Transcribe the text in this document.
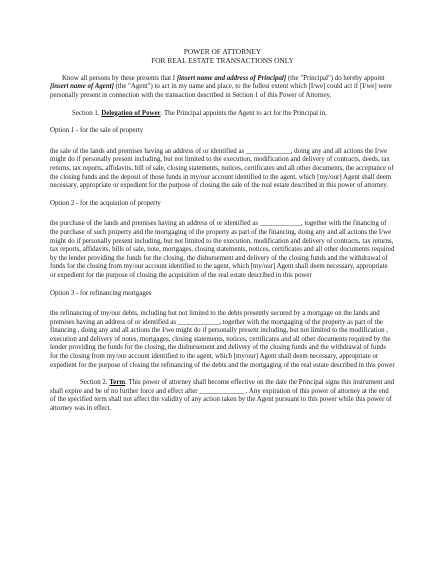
POWER OF ATTORNEY

FOR REAL ESTATE TRANSACTIONS ONLY

Know all persons by these presents that I [insert name and address of Principal] (the "Principal") do hereby appoint [insert name of Agent] (the "Agent") to act in my name and place, to the fullest extent which [I/we] could act if [I/we] were personally present in connection with the transaction described in Section 1 of this Power of Attorney.

Section 1. Delegation of Power. The Principal appoints the Agent to act for the Principal in,

Option 1 - for the sale of property

the sale of the lands and premises having an address of or identified as _____________, doing any and all actions the I/we might do if personally present including, but not limited to the execution, modification and delivery of contracts, deeds, tax returns, tax reports, affidavits, bill of sale, closing statements, notices, certificates and all other documents, the acceptance of the closing funds and the deposit of those funds in my/our account identified to the agent, which [my/our] Agent shall deem necessary, appropriate or expedient for the purpose of closing the sale of the real estate described in this power of attorney.

Option 2 - for the acquistion of property

the purchase of the lands and premises having an address of or identified as ____________, together with the financing of the purchase of such property and the mortgaging of the property as part of the financing, doing any and all actions the I/we might do if personally present including, but not limited to the execution, modification and delivery of contracts, tax returns, tax reports, affidavits, bills of sale, note, mortgages, closing statements, notices, certificates and all other documents required by the lender providing the funds for the closing, the disbursement and delivery of the closing funds and the withdrawal of funds for the closing from my/our account identified to the agent, which [my/our] Agent shall deem necessary, appropriate or expedient for the purpose of closing the acquisition of the real estate described in this power

Option 3 - for refinancing mortgages

the refinancing of my/our debts, including but not limited to the debts presently secured by a mortgage on the lands and premises having an address of or identified as ____________, together with the mortgaging of the property as part of the financing , doing any and all actions the I/we might do if personally present including, but not limited to the modification , execution and delivery of notes, mortgages, closing statements, notices, certificates and all other documents required by the lender providing the funds for the closing, the disbursement and delivery of the closing funds and the withdrawal of funds for the closing from my/our account identified to the agent, which [my/our] Agent shall deem necessary, appropriate or expedient for the purpose of closing the refinancing of the debts and the mortgaging of the real estate described in this power

Section 2. Term. This power of attorney shall become effective on the date the Principal signs this instrument and shall expire and be of no further force and effect after _____________ . Any expiration of this power of attorney at the end of the specified term shall not affect the validity of any action taken by the Agent pursuant to this power while this power of attorney was in effect.
